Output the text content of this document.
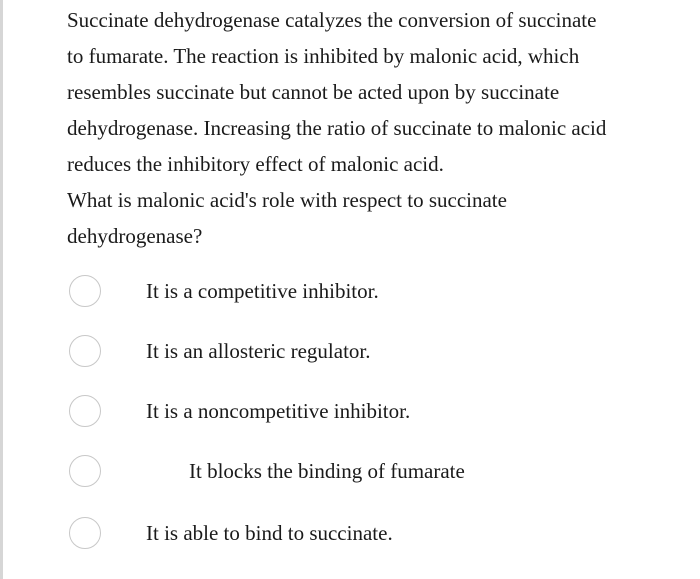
Succinate dehydrogenase catalyzes the conversion of succinate
to fumarate. The reaction is inhibited by malonic acid, which
resembles succinate but cannot be acted upon by succinate
dehydrogenase. Increasing the ratio of succinate to malonic acid
reduces the inhibitory effect of malonic acid.
What is malonic acid's role with respect to succinate
dehydrogenase?
It is a competitive inhibitor.
It is an allosteric regulator.
It is a noncompetitive inhibitor.
It blocks the binding of fumarate
It is able to bind to succinate.
